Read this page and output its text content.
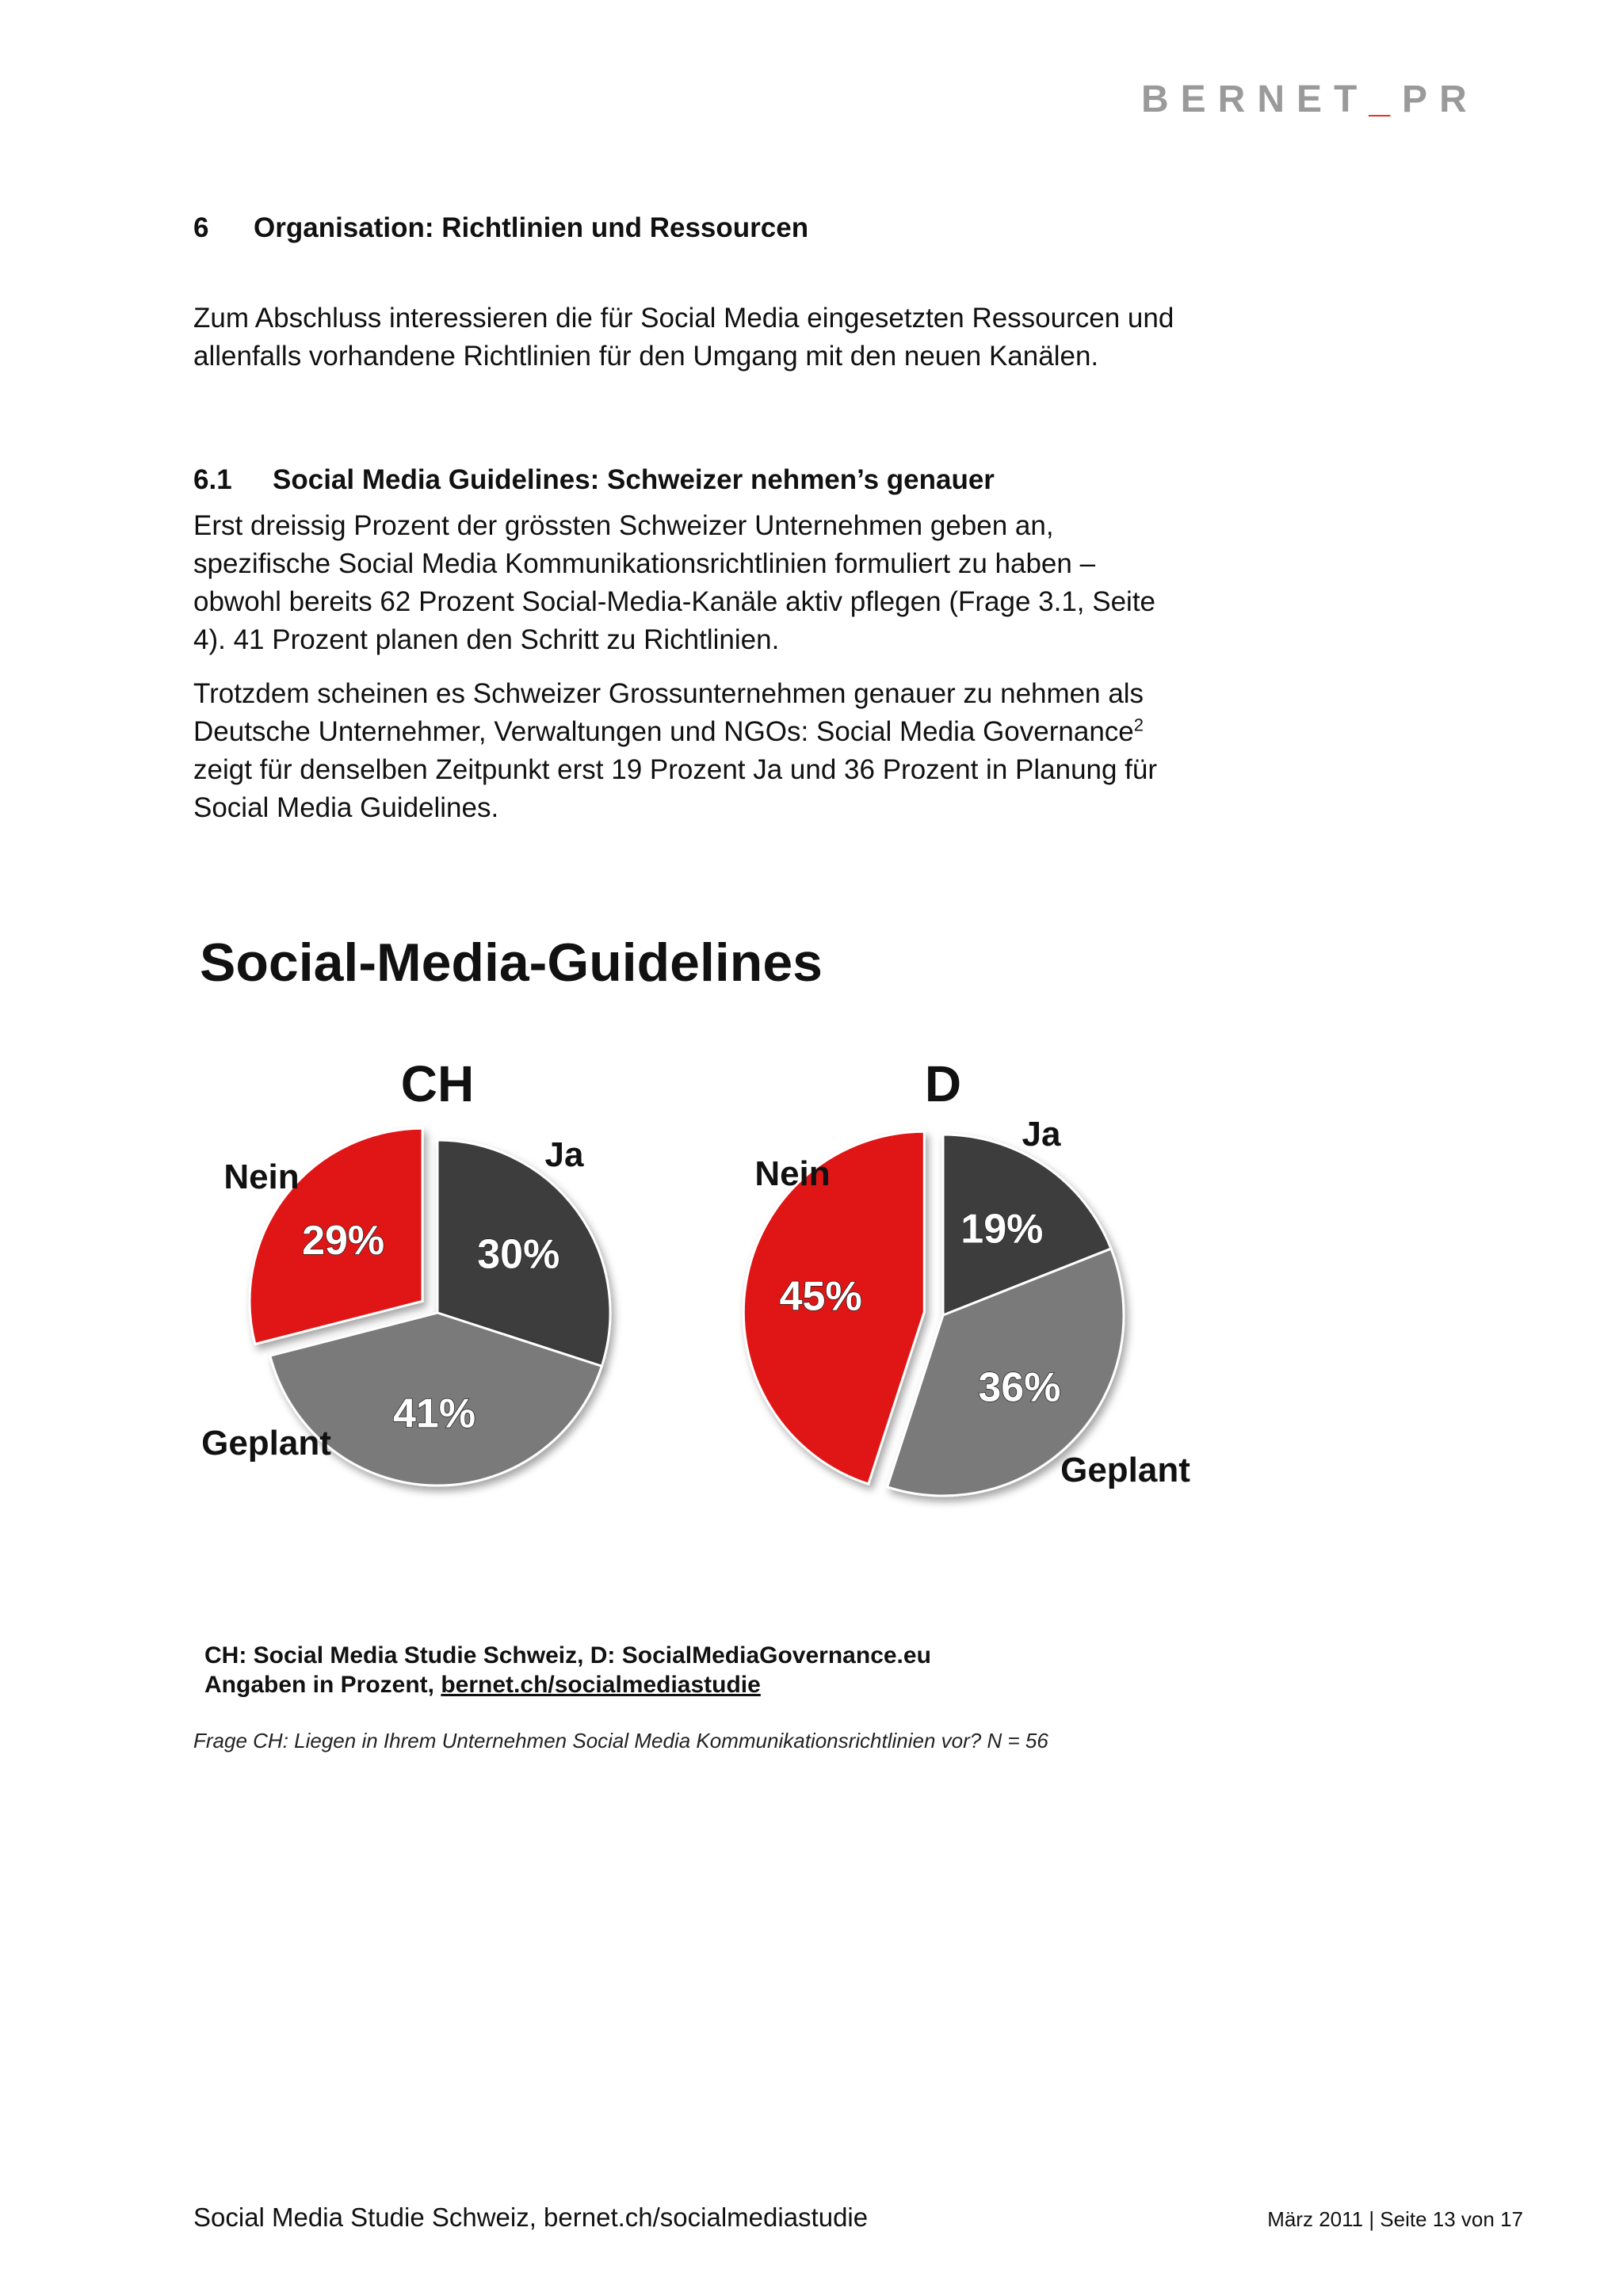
BERNET_PR
6 Organisation: Richtlinien und Ressourcen

Zum Abschluss interessieren die für Social Media eingesetzten Ressourcen und allenfalls vorhandene Richtlinien für den Umgang mit den neuen Kanälen.

6.1 Social Media Guidelines: Schweizer nehmen’s genauer

Erst dreissig Prozent der grössten Schweizer Unternehmen geben an, spezifische Social Media Kommunikationsrichtlinien formuliert zu haben – obwohl bereits 62 Prozent Social-Media-Kanäle aktiv pflegen (Frage 3.1, Seite 4). 41 Prozent planen den Schritt zu Richtlinien.

Trotzdem scheinen es Schweizer Grossunternehmen genauer zu nehmen als Deutsche Unternehmer, Verwaltungen und NGOs: Social Media Governance$^2$ zeigt für denselben Zeitpunkt erst 19 Prozent Ja und 36 Prozent in Planung für Social Media Guidelines.

Social-Media-Guidelines
CH
30%
Ja
41%
Geplant
29%
Nein
D
19%
Ja
36%
Geplant
45%
Nein
CH: Social Media Studie Schweiz, D: SocialMediaGovernance.eu
Angaben in Prozent, bernet.ch/socialmediastudie

Frage CH: Liegen in Ihrem Unternehmen Social Media Kommunikationsrichtlinien vor? N = 56

Social Media Studie Schweiz, bernet.ch/socialmediastudie	März 2011 | Seite 13 von 17
